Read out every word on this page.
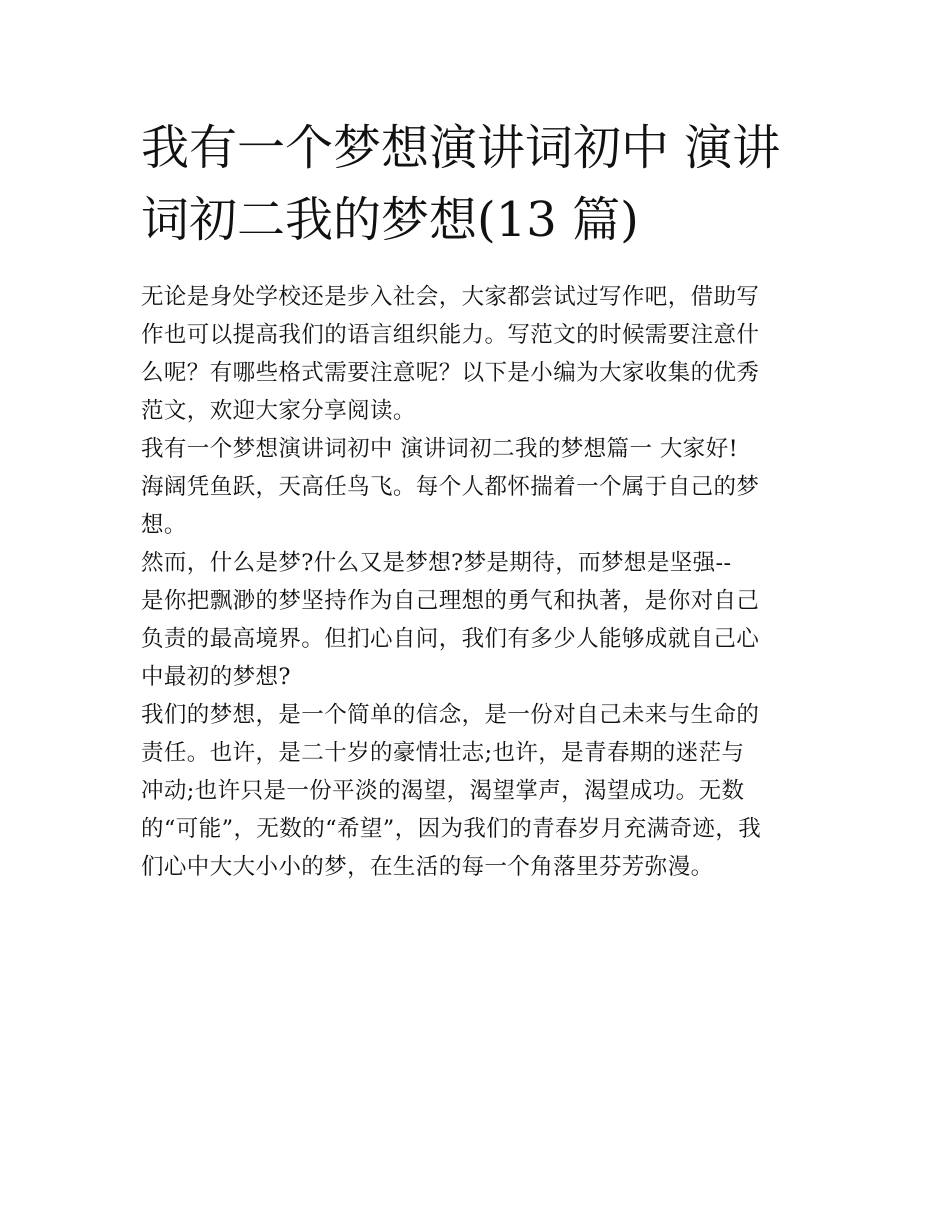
我有一个梦想演讲词初中 演讲
词初二我的梦想(13 篇)

无论是身处学校还是步入社会，大家都尝试过写作吧，借助写
作也可以提高我们的语言组织能力。写范文的时候需要注意什
么呢？有哪些格式需要注意呢？以下是小编为大家收集的优秀
范文，欢迎大家分享阅读。

我有一个梦想演讲词初中 演讲词初二我的梦想篇一 大家好!

海阔凭鱼跃，天高任鸟飞。每个人都怀揣着一个属于自己的梦
想。

然而，什么是梦?什么又是梦想?梦是期待，而梦想是坚强--

是你把飘渺的梦坚持作为自己理想的勇气和执著，是你对自己
负责的最高境界。但扪心自问，我们有多少人能够成就自己心
中最初的梦想?

我们的梦想，是一个简单的信念，是一份对自己未来与生命的
责任。也许，是二十岁的豪情壮志;也许，是青春期的迷茫与
冲动;也许只是一份平淡的渴望，渴望掌声，渴望成功。无数
的“可能”，无数的“希望”，因为我们的青春岁月充满奇迹，我
们心中大大小小的梦，在生活的每一个角落里芬芳弥漫。
